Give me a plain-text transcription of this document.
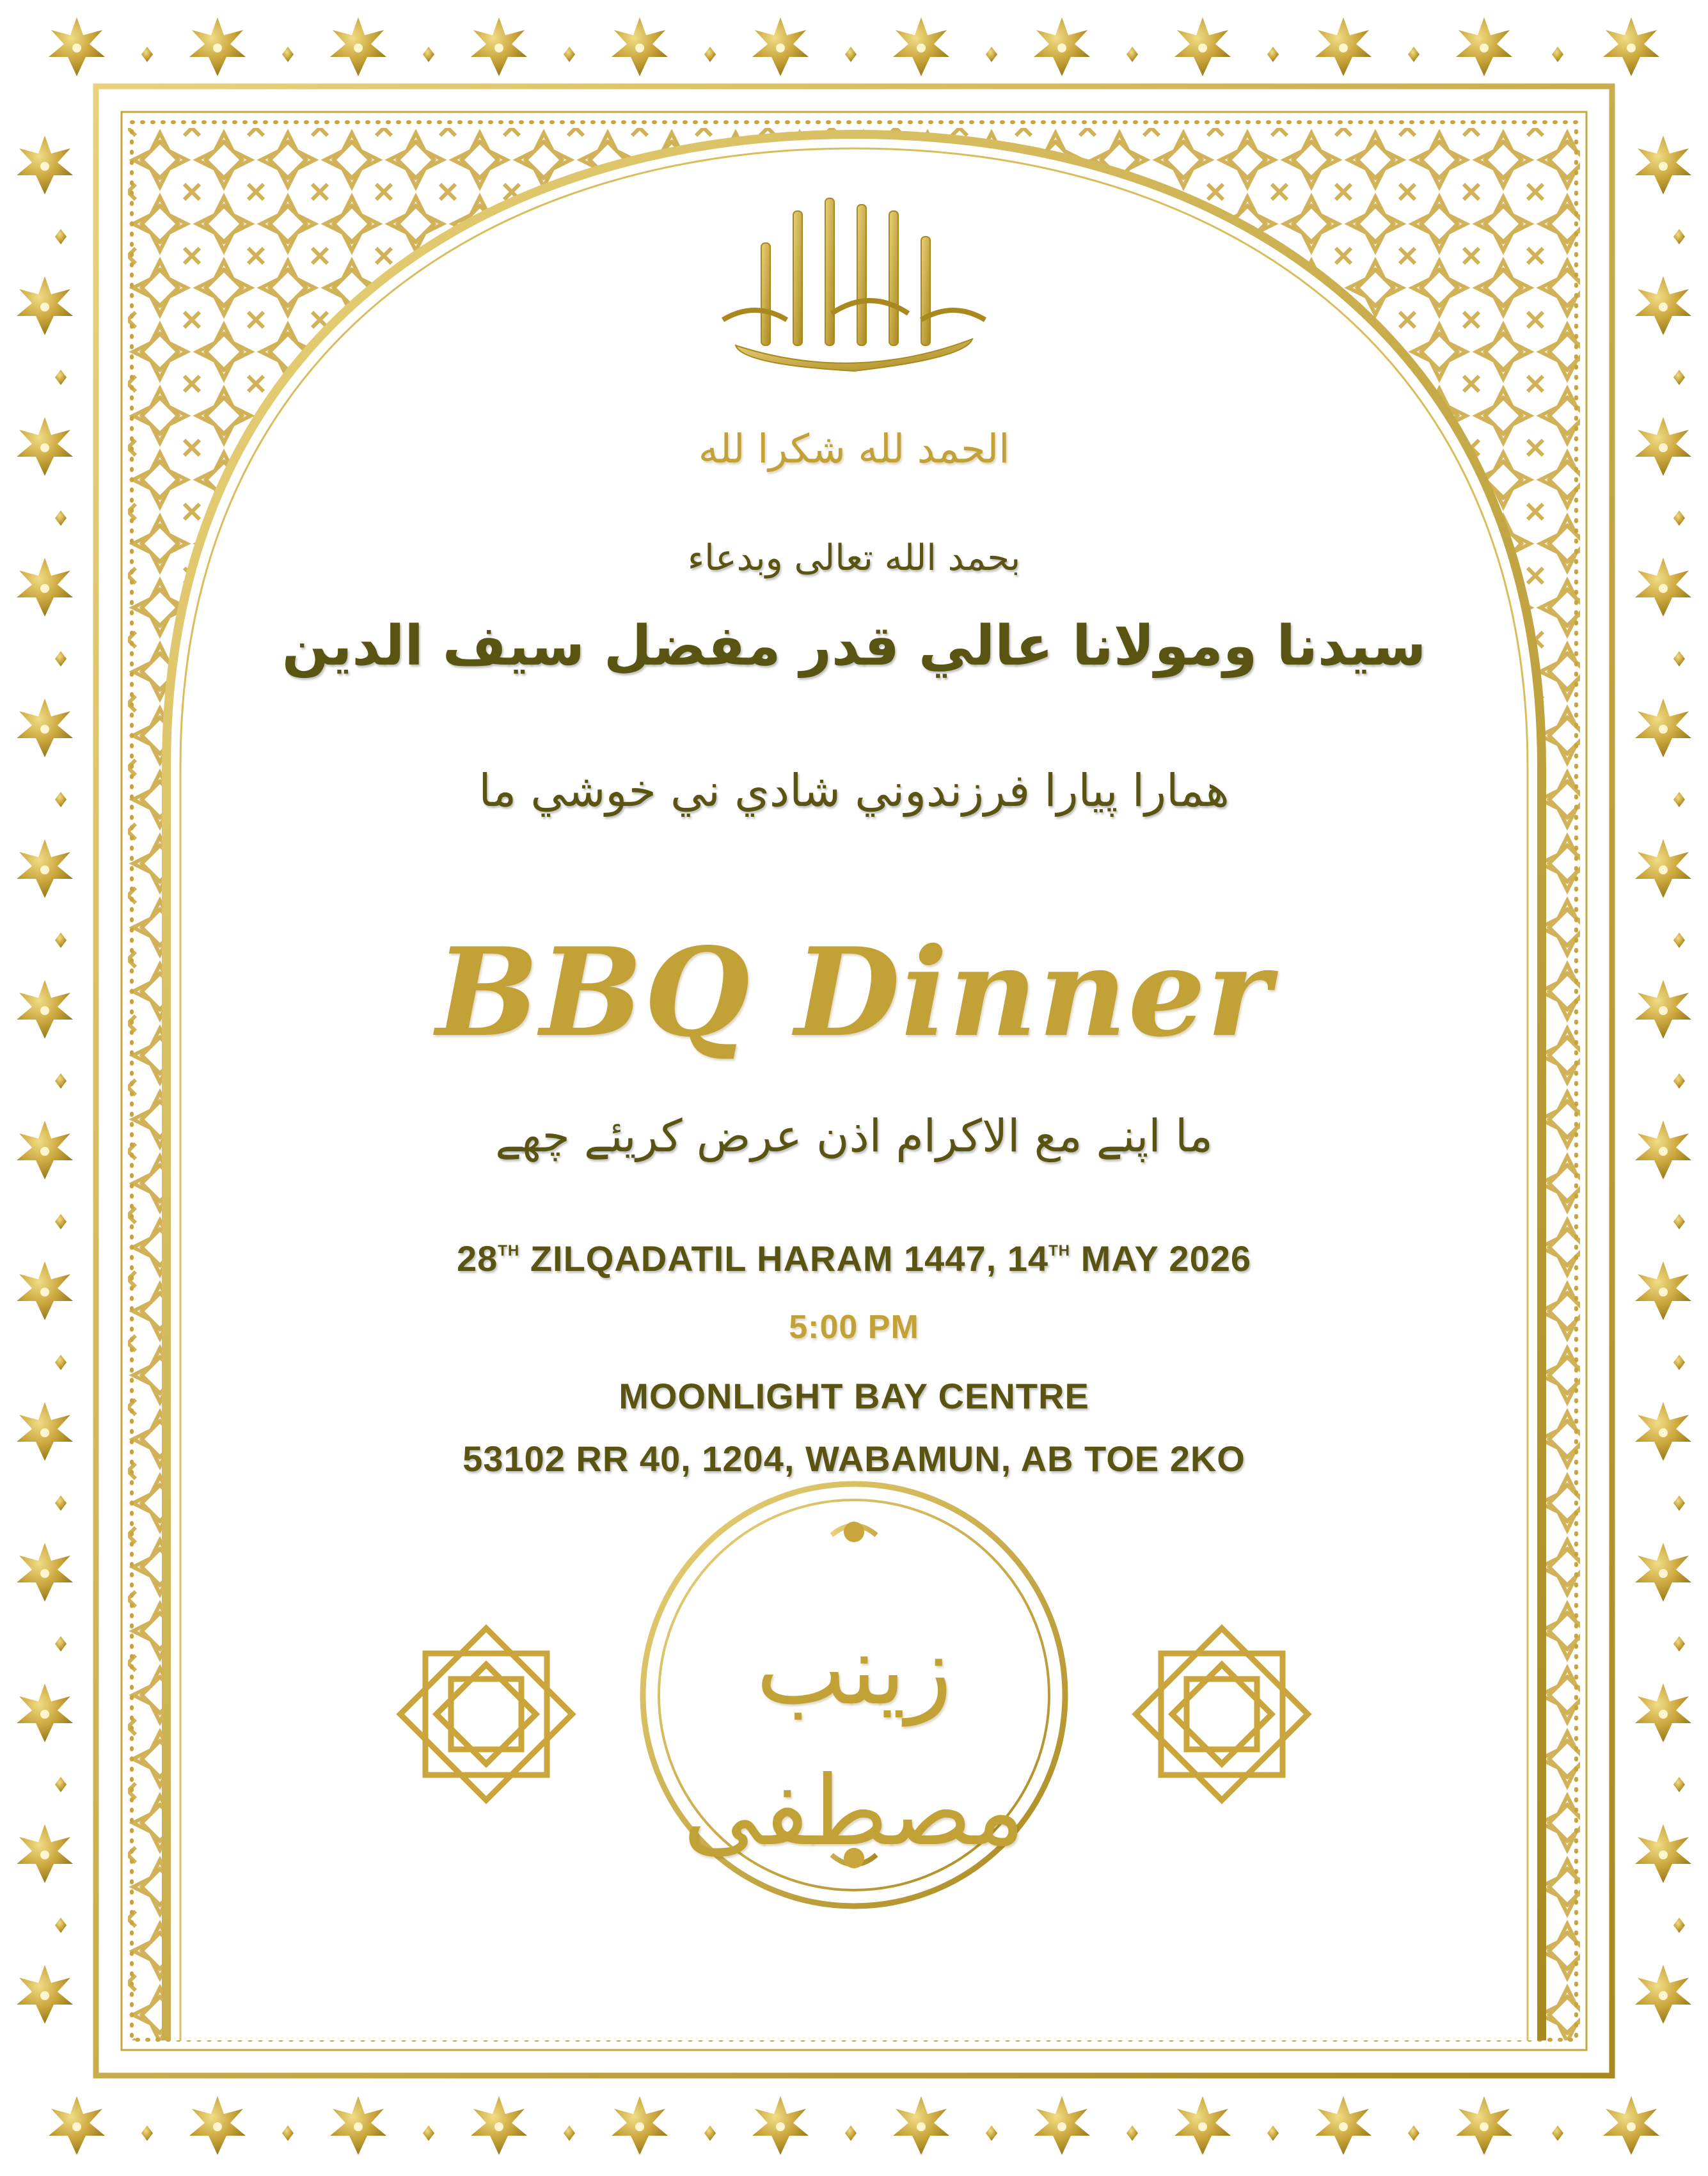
الحمد لله شكرا لله
بحمد الله تعالى وبدعاء
سيدنا ومولانا عالي قدر مفضل سيف الدين
همارا پيارا فرزندوني شادي ني خوشي ما
BBQ Dinner
ما اپنے مع الاکرام اذن عرض کریئے چھے
28TH ZILQADATIL HARAM 1447, 14TH MAY 2026
5:00 PM
MOONLIGHT BAY CENTRE
53102 RR 40, 1204, WABAMUN, AB TOE 2KO
زينب
مصطفى
